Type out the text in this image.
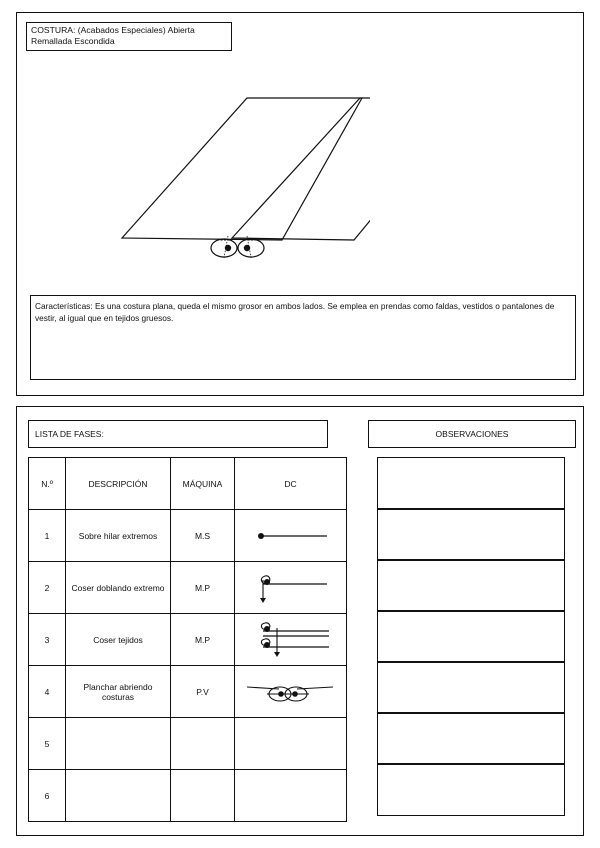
COSTURA: (Acabados Especiales) Abierta Remallada Escondida
Características: Es una costura plana, queda el mismo grosor en ambos lados. Se emplea en prendas como faldas, vestidos o pantalones de vestir, al igual que en tejidos gruesos.
LISTA DE FASES:	OBSERVACIONES
N.º	DESCRIPCIÓN	MÁQUINA	DC
1	Sobre hilar extremos	M.S	

2	Coser doblando extremo	M.P	

3	Coser tejidos	M.P	

4	Planchar abriendo costuras	P.V	

5			
6			
